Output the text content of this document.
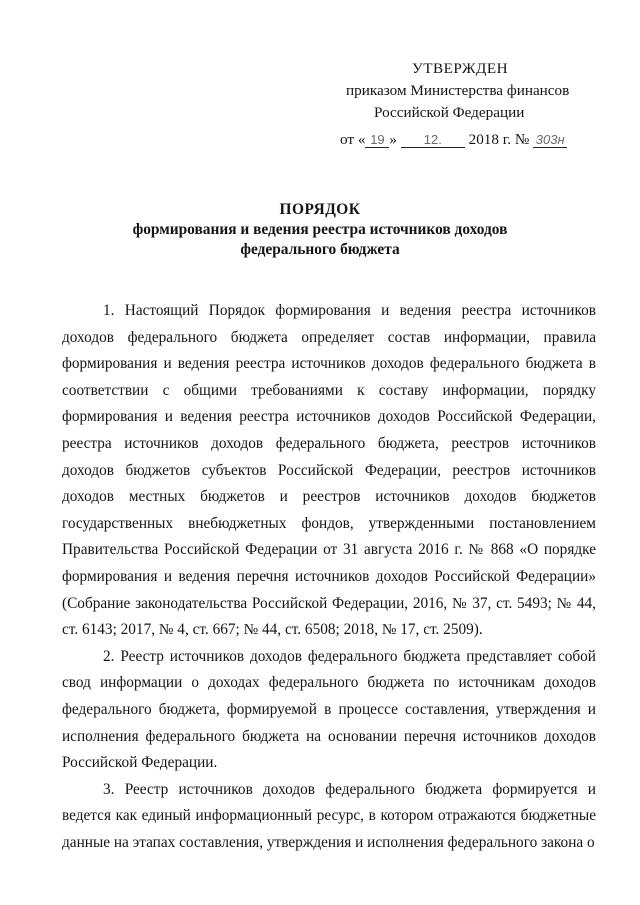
УТВЕРЖДЕН
приказом Министерства финансов
Российской Федерации
от « 19 » 12. 2018 г. № 303н
ПОРЯДОК
формирования и ведения реестра источников доходов
федерального бюджета

1. Настоящий Порядок формирования и ведения реестра источников доходов федерального бюджета определяет состав информации, правила формирования и ведения реестра источников доходов федерального бюджета в соответствии с общими требованиями к составу информации, порядку формирования и ведения реестра источников доходов Российской Федерации, реестра источников доходов федерального бюджета, реестров источников доходов бюджетов субъектов Российской Федерации, реестров источников доходов местных бюджетов и реестров источников доходов бюджетов государственных внебюджетных фондов, утвержденными постановлением Правительства Российской Федерации от 31 августа 2016 г. № 868 «О порядке формирования и ведения перечня источников доходов Российской Федерации» (Собрание законодательства Российской Федерации, 2016, № 37, ст. 5493; № 44, ст. 6143; 2017, № 4, ст. 667; № 44, ст. 6508; 2018, № 17, ст. 2509).

2. Реестр источников доходов федерального бюджета представляет собой свод информации о доходах федерального бюджета по источникам доходов федерального бюджета, формируемой в процессе составления, утверждения и исполнения федерального бюджета на основании перечня источников доходов Российской Федерации.

3. Реестр источников доходов федерального бюджета формируется и ведется как единый информационный ресурс, в котором отражаются бюджетные данные на этапах составления, утверждения и исполнения федерального закона о
